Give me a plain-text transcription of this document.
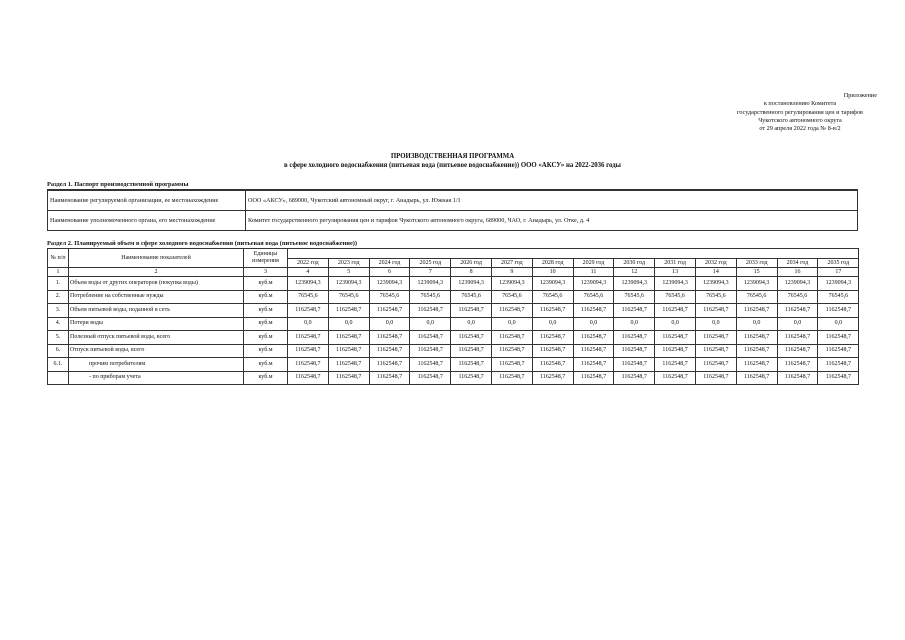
Приложение
к постановлению Комитета
государственного регулирования цен и тарифов
Чукотского автономного округа
от 29 апреля 2022 года № 8-в/2
ПРОИЗВОДСТВЕННАЯ ПРОГРАММА
в сфере холодного водоснабжения (питьевая вода (питьевое водоснабжение)) ООО «АКСУ» на 2022-2036 годы
Раздел 1. Паспорт производственной программы
Наименование регулируемой организации, ее местонахождение	ООО «АКСУ», 689000, Чукотский автономный округ, г. Анадырь, ул. Южная 1/1
Наименование уполномоченного органа, его местонахождение	Комитет государственного регулирования цен и тарифов Чукотского автономного округа, 689000, ЧАО, г. Анадырь, ул. Отке, д. 4
Раздел 2. Планируемый объем в сфере холодного водоснабжения (питьевая вода (питьевое водоснабжение))
№ п/п	Наименование показателей	Единицы измерения														
			2022 год	2023 год	2024 год	2025 год	2026 год	2027 год	2028 год	2029 год	2030 год	2031 год	2032 год	2033 год	2034 год	2035 год
1	2	3	4	5	6	7	8	9	10	11	12	13	14	15	16	17
1.	Объем воды от других операторов (покупка воды)	куб.м	1239094,3	1239094,3	1239094,3	1239094,3	1239094,3	1239094,3	1239094,3	1239094,3	1239094,3	1239094,3	1239094,3	1239094,3	1239094,3	1239094,3
2.	Потребление на собственные нужды	куб.м	76545,6	76545,6	76545,6	76545,6	76545,6	76545,6	76545,6	76545,6	76545,6	76545,6	76545,6	76545,6	76545,6	76545,6
3.	Объем питьевой воды, поданной в сеть	куб.м	1162548,7	1162548,7	1162548,7	1162548,7	1162548,7	1162548,7	1162548,7	1162548,7	1162548,7	1162548,7	1162548,7	1162548,7	1162548,7	1162548,7
4.	Потери воды	куб.м	0,0	0,0	0,0	0,0	0,0	0,0	0,0	0,0	0,0	0,0	0,0	0,0	0,0	0,0
5.	Полезный отпуск питьевой воды, всего	куб.м	1162548,7	1162548,7	1162548,7	1162548,7	1162548,7	1162548,7	1162548,7	1162548,7	1162548,7	1162548,7	1162548,7	1162548,7	1162548,7	1162548,7
6.	Отпуск питьевой воды, всего	куб.м	1162548,7	1162548,7	1162548,7	1162548,7	1162548,7	1162548,7	1162548,7	1162548,7	1162548,7	1162548,7	1162548,7	1162548,7	1162548,7	1162548,7
6.1.	прочим потребителям	куб.м	1162548,7	1162548,7	1162548,7	1162548,7	1162548,7	1162548,7	1162548,7	1162548,7	1162548,7	1162548,7	1162548,7	1162548,7	1162548,7	1162548,7
	- по приборам учета	куб.м	1162548,7	1162548,7	1162548,7	1162548,7	1162548,7	1162548,7	1162548,7	1162548,7	1162548,7	1162548,7	1162548,7	1162548,7	1162548,7	1162548,7
